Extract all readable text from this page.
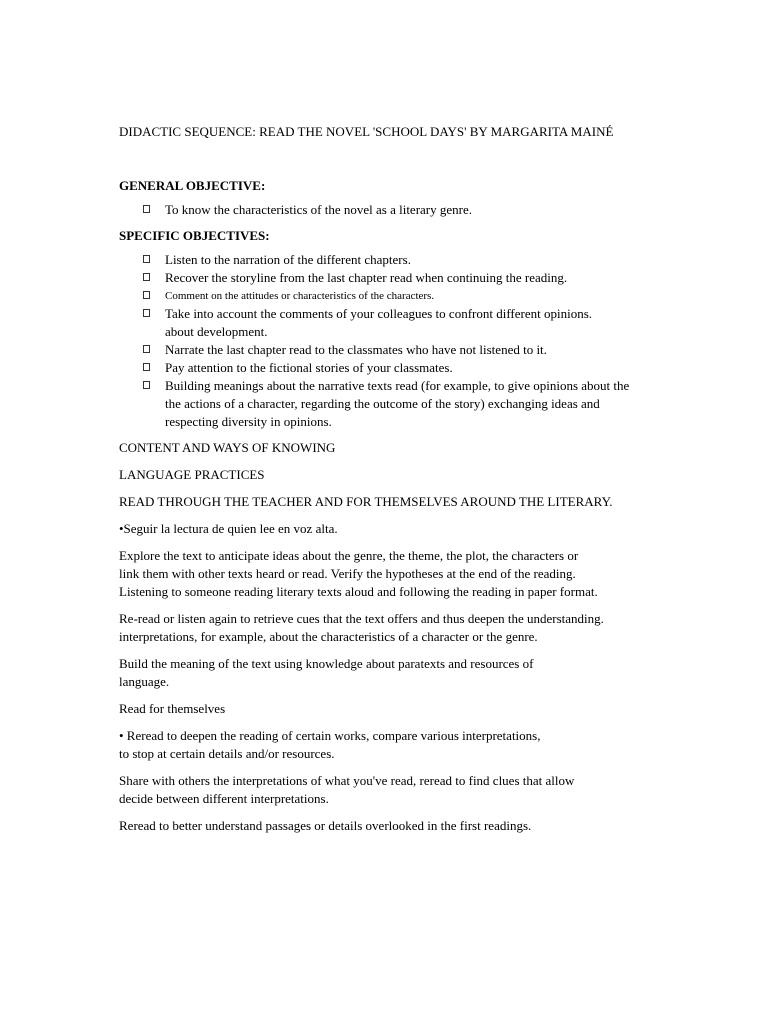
DIDACTIC SEQUENCE: READ THE NOVEL 'SCHOOL DAYS' BY MARGARITA MAINÉ
GENERAL OBJECTIVE:
To know the characteristics of the novel as a literary genre.
SPECIFIC OBJECTIVES:
Listen to the narration of the different chapters.
Recover the storyline from the last chapter read when continuing the reading.
Comment on the attitudes or characteristics of the characters.
Take into account the comments of your colleagues to confront different opinions.
about development.
Narrate the last chapter read to the classmates who have not listened to it.
Pay attention to the fictional stories of your classmates.
Building meanings about the narrative texts read (for example, to give opinions about the
the actions of a character, regarding the outcome of the story) exchanging ideas and
respecting diversity in opinions.

CONTENT AND WAYS OF KNOWING

LANGUAGE PRACTICES

READ THROUGH THE TEACHER AND FOR THEMSELVES AROUND THE LITERARY.

•Seguir la lectura de quien lee en voz alta.

Explore the text to anticipate ideas about the genre, the theme, the plot, the characters or
link them with other texts heard or read. Verify the hypotheses at the end of the reading.
Listening to someone reading literary texts aloud and following the reading in paper format.

Re-read or listen again to retrieve cues that the text offers and thus deepen the understanding.
interpretations, for example, about the characteristics of a character or the genre.

Build the meaning of the text using knowledge about paratexts and resources of
language.

Read for themselves

• Reread to deepen the reading of certain works, compare various interpretations,
to stop at certain details and/or resources.

Share with others the interpretations of what you've read, reread to find clues that allow
decide between different interpretations.

Reread to better understand passages or details overlooked in the first readings.
